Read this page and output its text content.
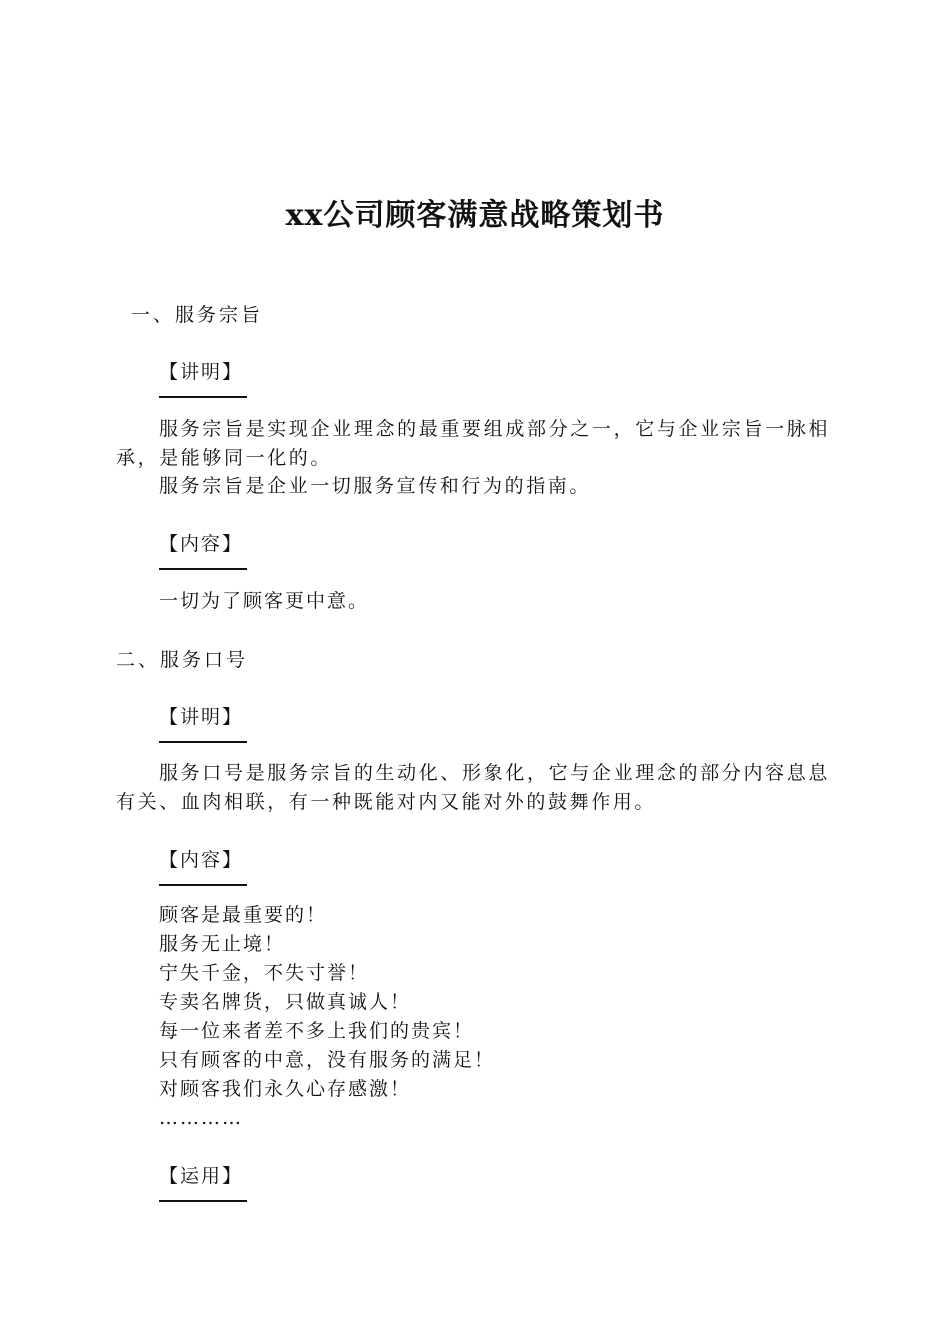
xx公司顾客满意战略策划书
一、服务宗旨
【讲明】

服务宗旨是实现企业理念的最重要组成部分之一，它与企业宗旨一脉相承，是能够同一化的。

服务宗旨是企业一切服务宣传和行为的指南。

【内容】
一切为了顾客更中意。
二、服务口号
【讲明】

服务口号是服务宗旨的生动化、形象化，它与企业理念的部分内容息息有关、血肉相联，有一种既能对内又能对外的鼓舞作用。

【内容】
顾客是最重要的！
服务无止境！
宁失千金，不失寸誉！
专卖名牌货，只做真诚人！
每一位来者差不多上我们的贵宾！
只有顾客的中意，没有服务的满足！
对顾客我们永久心存感激！
…………
【运用】
